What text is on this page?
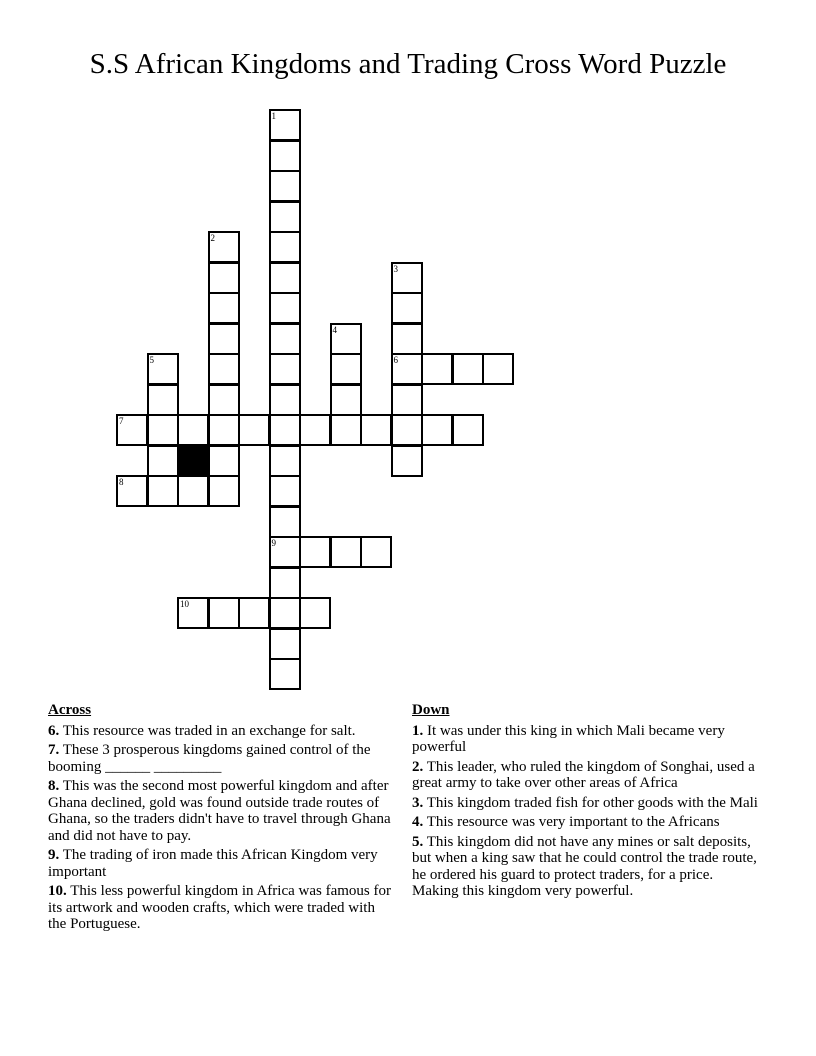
S.S African Kingdoms and Trading Cross Word Puzzle
1
2
3
4
5	6
7
8
9
10
Across
6. This resource was traded in an exchange for salt.
7. These 3 prosperous kingdoms gained control of the booming ______ _________
8. This was the second most powerful kingdom and after Ghana declined, gold was found outside trade routes of Ghana, so the traders didn't have to travel through Ghana and did not have to pay.
9. The trading of iron made this African Kingdom very important
10. This less powerful kingdom in Africa was famous for its artwork and wooden crafts, which were traded with the Portuguese.
Down
1. It was under this king in which Mali became very powerful
2. This leader, who ruled the kingdom of Songhai, used a great army to take over other areas of Africa
3. This kingdom traded fish for other goods with the Mali
4. This resource was very important to the Africans
5. This kingdom did not have any mines or salt deposits, but when a king saw that he could control the trade route, he ordered his guard to protect traders, for a price. Making this kingdom very powerful.
